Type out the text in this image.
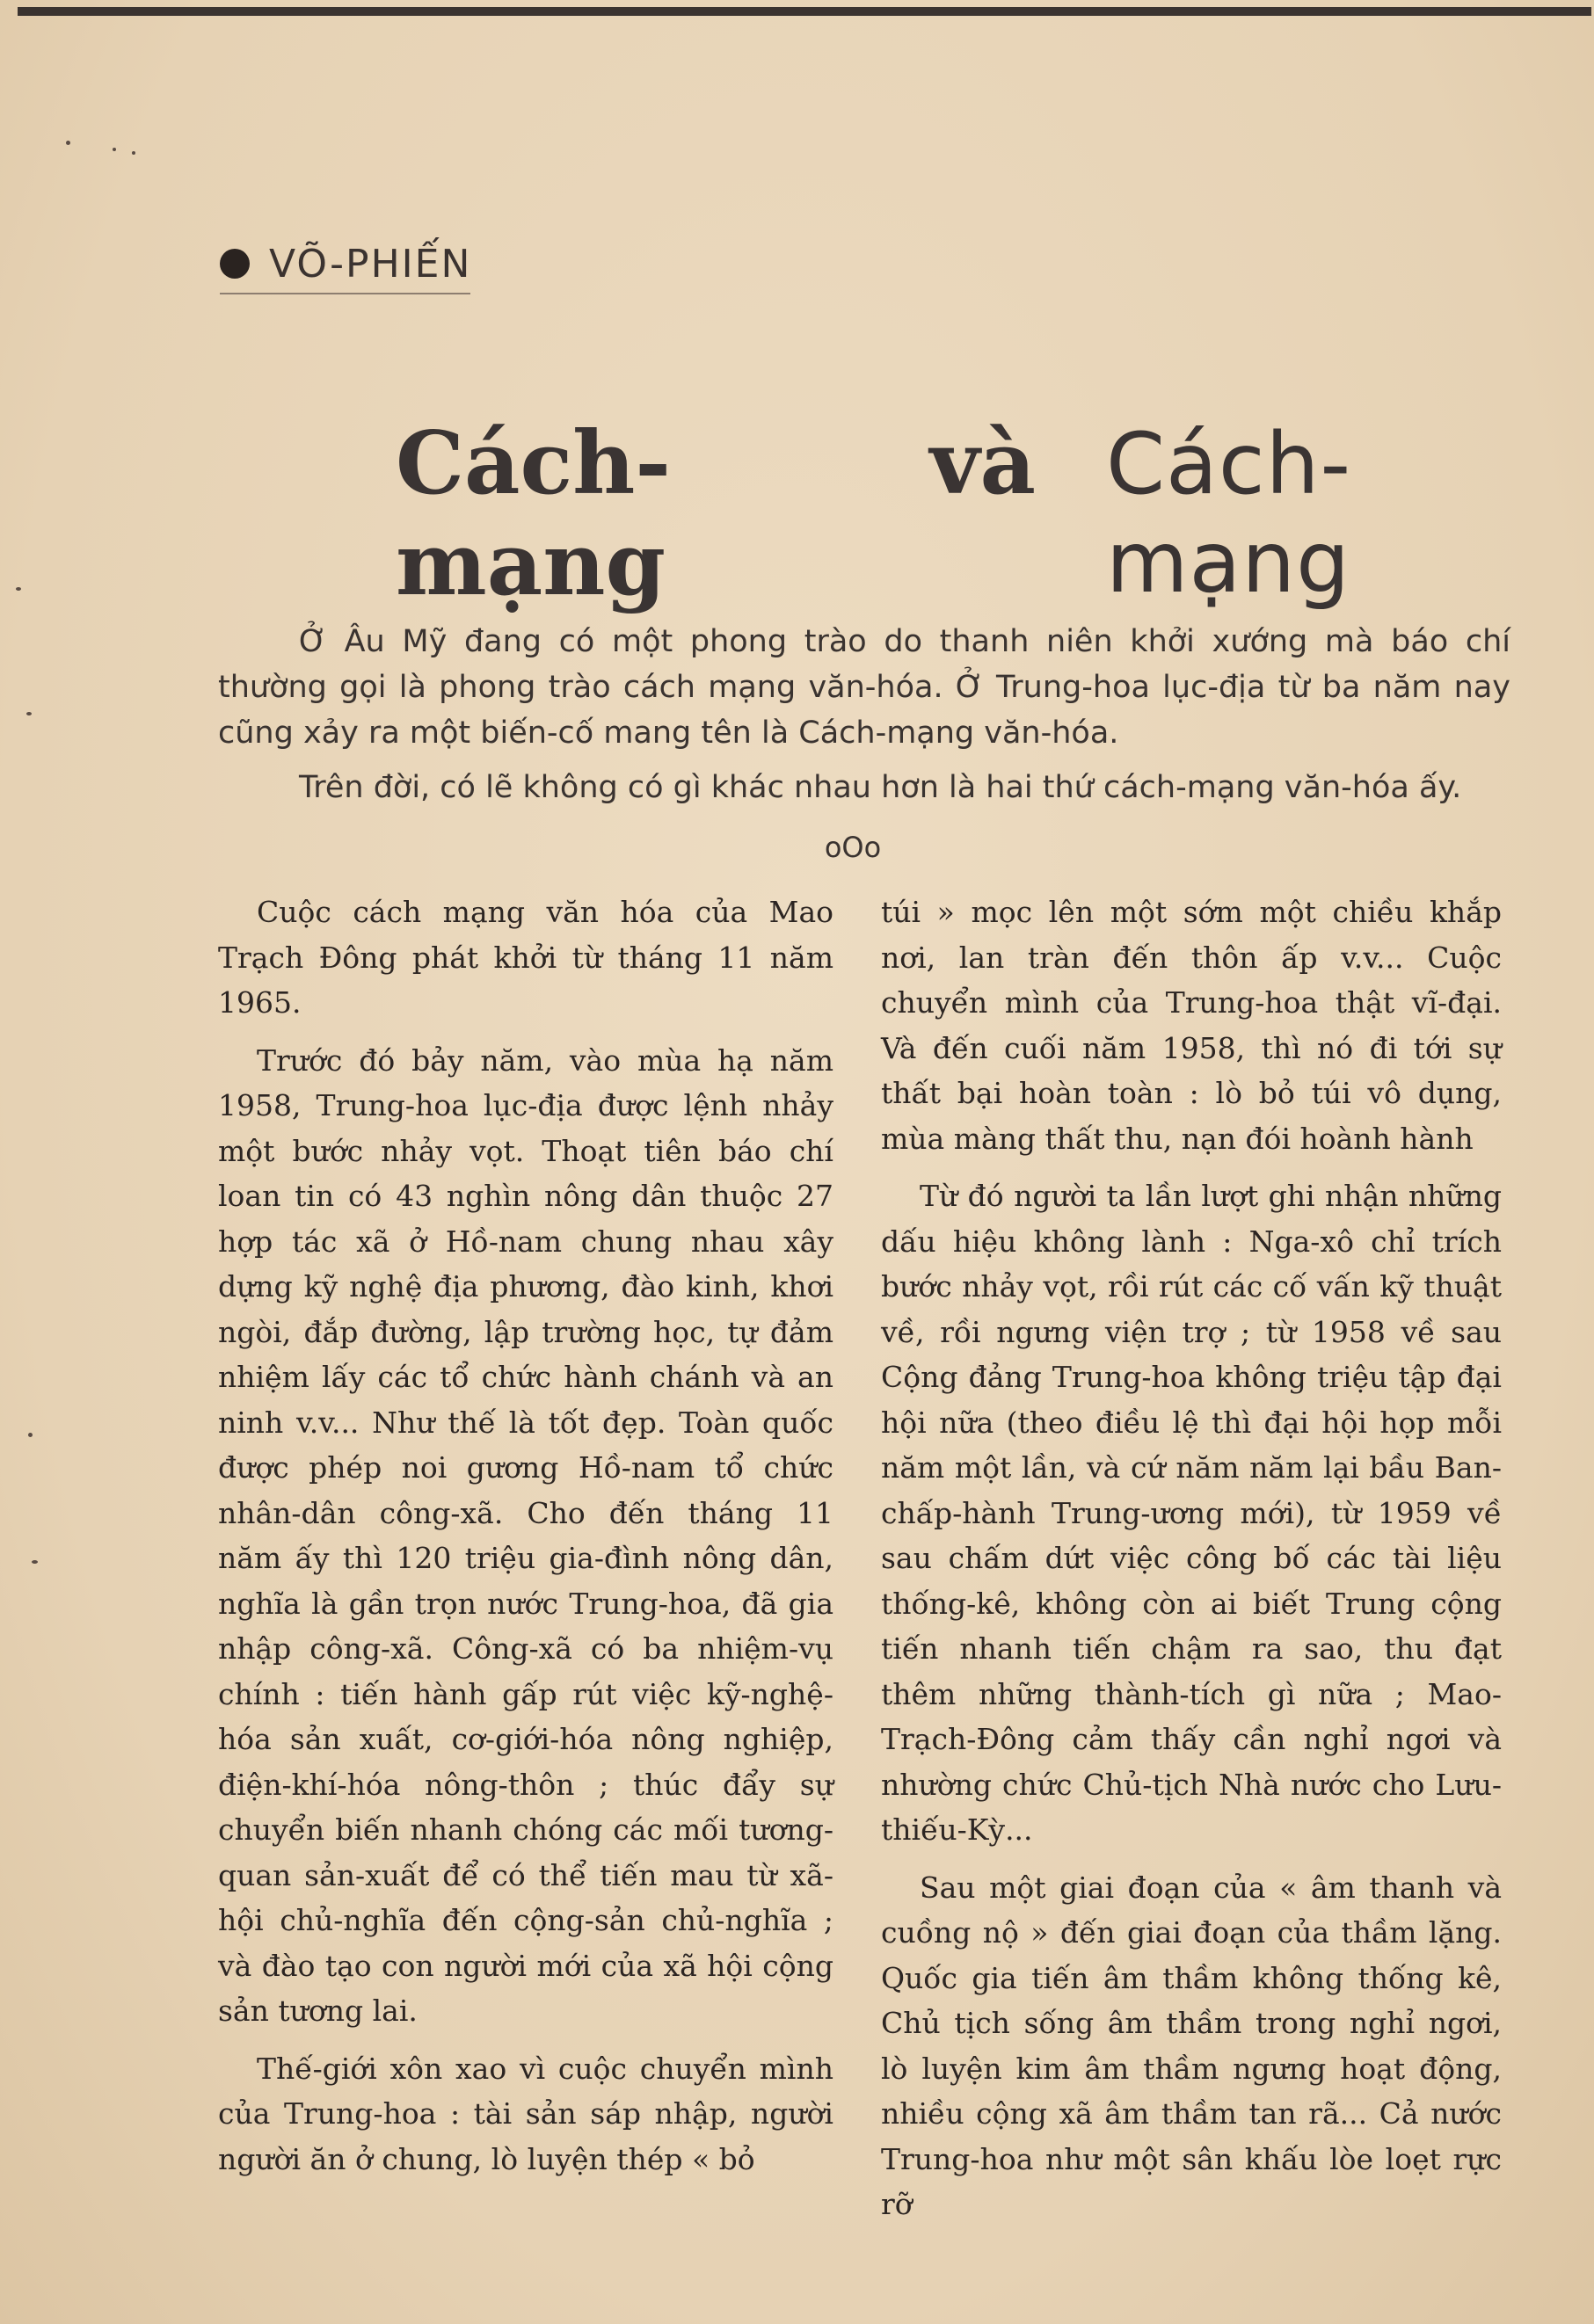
VÕ-PHIẾN
Cách-mạng
và Cách-mạng

Ở Âu Mỹ đang có một phong trào do thanh niên khởi xướng mà báo chí thường gọi là phong trào cách mạng văn-hóa. Ở Trung-hoa lục-địa từ ba năm nay cũng xảy ra một biến-cố mang tên là Cách-mạng văn-hóa.

Trên đời, có lẽ không có gì khác nhau hơn là hai thứ cách-mạng văn-hóa ấy.

oOo

Cuộc cách mạng văn hóa của Mao Trạch Đông phát khởi từ tháng 11 năm 1965.

Trước đó bảy năm, vào mùa hạ năm 1958, Trung-hoa lục-địa được lệnh nhảy một bước nhảy vọt. Thoạt tiên báo chí loan tin có 43 nghìn nông dân thuộc 27 hợp tác xã ở Hồ-nam chung nhau xây dựng kỹ nghệ địa phương, đào kinh, khơi ngòi, đắp đường, lập trường học, tự đảm nhiệm lấy các tổ chức hành chánh và an ninh v.v... Như thế là tốt đẹp. Toàn quốc được phép noi gương Hồ-nam tổ chức nhân-dân công-xã. Cho đến tháng 11 năm ấy thì 120 triệu gia-đình nông dân, nghĩa là gần trọn nước Trung-hoa, đã gia nhập công-xã. Công-xã có ba nhiệm-vụ chính : tiến hành gấp rút việc kỹ-nghệ-hóa sản xuất, cơ-giới-hóa nông nghiệp, điện-khí-hóa nông-thôn ; thúc đẩy sự chuyển biến nhanh chóng các mối tương-quan sản-xuất để có thể tiến mau từ xã-hội chủ-nghĩa đến cộng-sản chủ-nghĩa ; và đào tạo con người mới của xã hội cộng sản tương lai.

Thế-giới xôn xao vì cuộc chuyển mình của Trung-hoa : tài sản sáp nhập, người người ăn ở chung, lò luyện thép « bỏ

túi » mọc lên một sớm một chiều khắp nơi, lan tràn đến thôn ấp v.v... Cuộc chuyển mình của Trung-hoa thật vĩ-đại. Và đến cuối năm 1958, thì nó đi tới sự thất bại hoàn toàn : lò bỏ túi vô dụng, mùa màng thất thu, nạn đói hoành hành

Từ đó người ta lần lượt ghi nhận những dấu hiệu không lành : Nga-xô chỉ trích bước nhảy vọt, rồi rút các cố vấn kỹ thuật về, rồi ngưng viện trợ ; từ 1958 về sau Cộng đảng Trung-hoa không triệu tập đại hội nữa (theo điều lệ thì đại hội họp mỗi năm một lần, và cứ năm năm lại bầu Ban-chấp-hành Trung-ương mới), từ 1959 về sau chấm dứt việc công bố các tài liệu thống-kê, không còn ai biết Trung cộng tiến nhanh tiến chậm ra sao, thu đạt thêm những thành-tích gì nữa ; Mao-Trạch-Đông cảm thấy cần nghỉ ngơi và nhường chức Chủ-tịch Nhà nước cho Lưu-thiếu-Kỳ...

Sau một giai đoạn của « âm thanh và cuồng nộ » đến giai đoạn của thầm lặng. Quốc gia tiến âm thầm không thống kê, Chủ tịch sống âm thầm trong nghỉ ngơi, lò luyện kim âm thầm ngưng hoạt động, nhiều cộng xã âm thầm tan rã... Cả nước Trung-hoa như một sân khấu lòe loẹt rực rỡ
